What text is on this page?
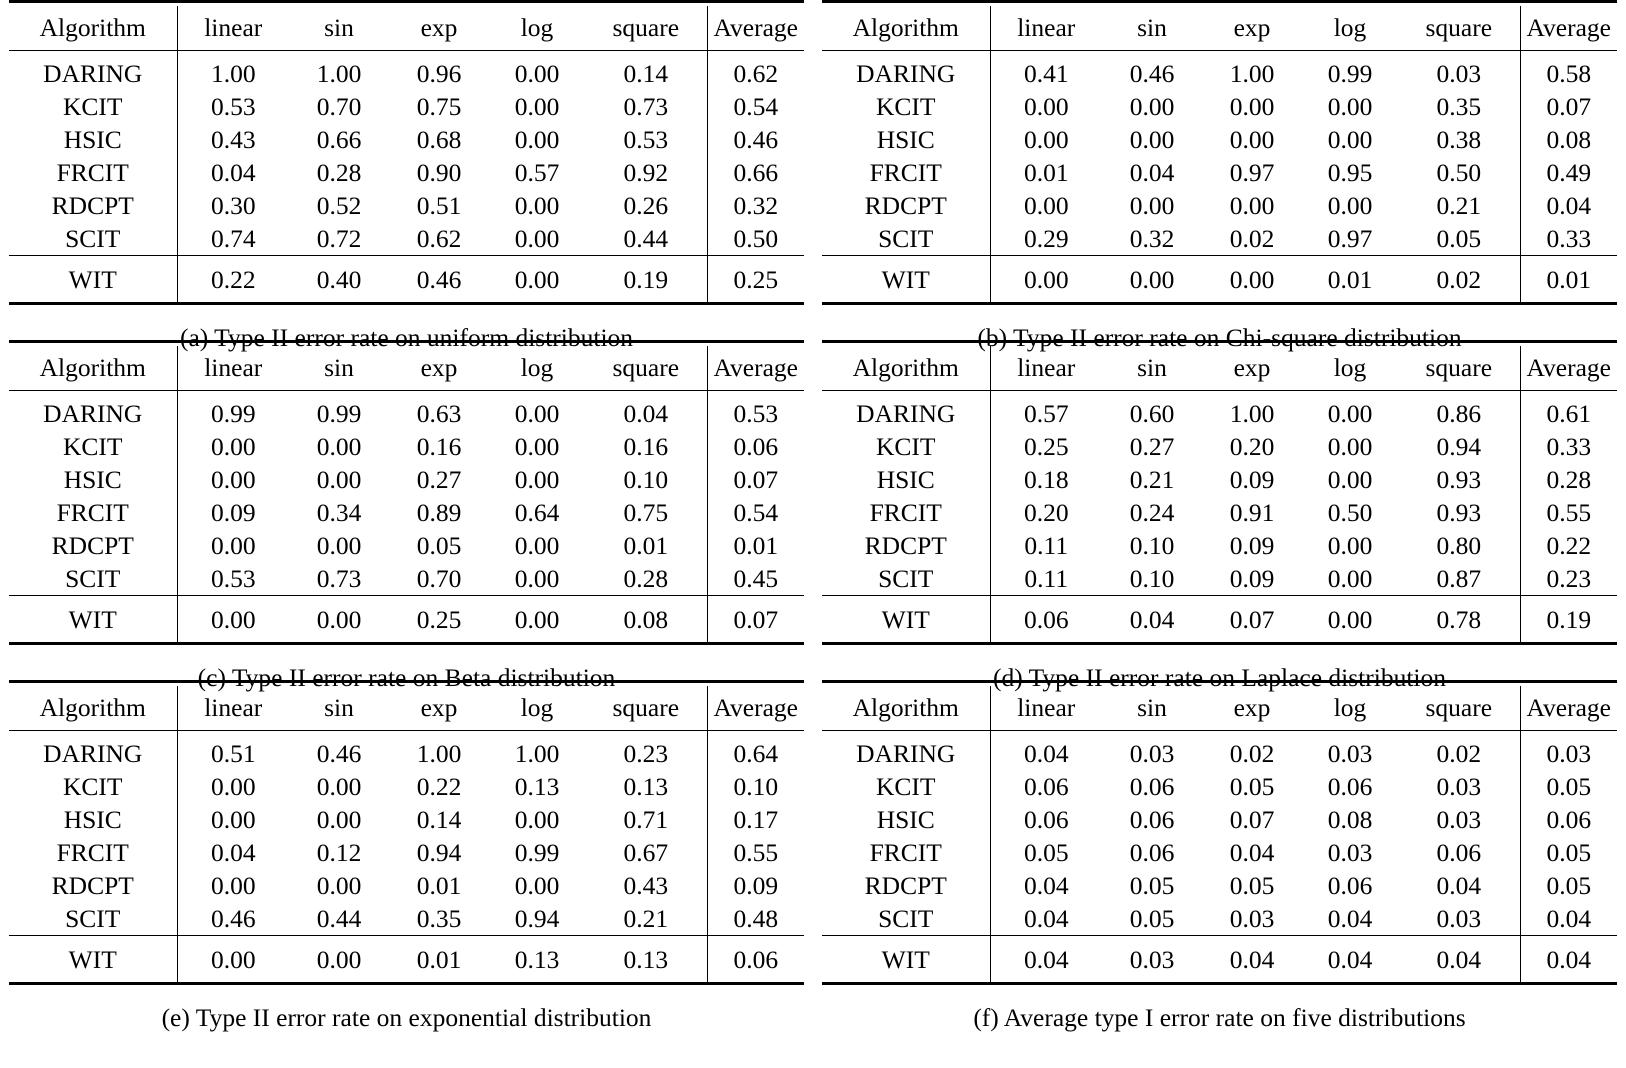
Algorithm	linear	sin	exp	log	square	Average

DARING	1.00	1.00	0.96	0.00	0.14	0.62
KCIT	0.53	0.70	0.75	0.00	0.73	0.54
HSIC	0.43	0.66	0.68	0.00	0.53	0.46
FRCIT	0.04	0.28	0.90	0.57	0.92	0.66
RDCPT	0.30	0.52	0.51	0.00	0.26	0.32
SCIT	0.74	0.72	0.62	0.00	0.44	0.50

WIT	0.22	0.40	0.46	0.00	0.19	0.25

(a) Type II error rate on uniform distribution

Algorithm	linear	sin	exp	log	square	Average

DARING	0.41	0.46	1.00	0.99	0.03	0.58
KCIT	0.00	0.00	0.00	0.00	0.35	0.07
HSIC	0.00	0.00	0.00	0.00	0.38	0.08
FRCIT	0.01	0.04	0.97	0.95	0.50	0.49
RDCPT	0.00	0.00	0.00	0.00	0.21	0.04
SCIT	0.29	0.32	0.02	0.97	0.05	0.33

WIT	0.00	0.00	0.00	0.01	0.02	0.01

(b) Type II error rate on Chi-square distribution

Algorithm	linear	sin	exp	log	square	Average

DARING	0.99	0.99	0.63	0.00	0.04	0.53
KCIT	0.00	0.00	0.16	0.00	0.16	0.06
HSIC	0.00	0.00	0.27	0.00	0.10	0.07
FRCIT	0.09	0.34	0.89	0.64	0.75	0.54
RDCPT	0.00	0.00	0.05	0.00	0.01	0.01
SCIT	0.53	0.73	0.70	0.00	0.28	0.45

WIT	0.00	0.00	0.25	0.00	0.08	0.07

(c) Type II error rate on Beta distribution

Algorithm	linear	sin	exp	log	square	Average

DARING	0.57	0.60	1.00	0.00	0.86	0.61
KCIT	0.25	0.27	0.20	0.00	0.94	0.33
HSIC	0.18	0.21	0.09	0.00	0.93	0.28
FRCIT	0.20	0.24	0.91	0.50	0.93	0.55
RDCPT	0.11	0.10	0.09	0.00	0.80	0.22
SCIT	0.11	0.10	0.09	0.00	0.87	0.23

WIT	0.06	0.04	0.07	0.00	0.78	0.19

(d) Type II error rate on Laplace distribution

Algorithm	linear	sin	exp	log	square	Average

DARING	0.51	0.46	1.00	1.00	0.23	0.64
KCIT	0.00	0.00	0.22	0.13	0.13	0.10
HSIC	0.00	0.00	0.14	0.00	0.71	0.17
FRCIT	0.04	0.12	0.94	0.99	0.67	0.55
RDCPT	0.00	0.00	0.01	0.00	0.43	0.09
SCIT	0.46	0.44	0.35	0.94	0.21	0.48

WIT	0.00	0.00	0.01	0.13	0.13	0.06

(e) Type II error rate on exponential distribution

Algorithm	linear	sin	exp	log	square	Average

DARING	0.04	0.03	0.02	0.03	0.02	0.03
KCIT	0.06	0.06	0.05	0.06	0.03	0.05
HSIC	0.06	0.06	0.07	0.08	0.03	0.06
FRCIT	0.05	0.06	0.04	0.03	0.06	0.05
RDCPT	0.04	0.05	0.05	0.06	0.04	0.05
SCIT	0.04	0.05	0.03	0.04	0.03	0.04

WIT	0.04	0.03	0.04	0.04	0.04	0.04

(f) Average type I error rate on five distributions
